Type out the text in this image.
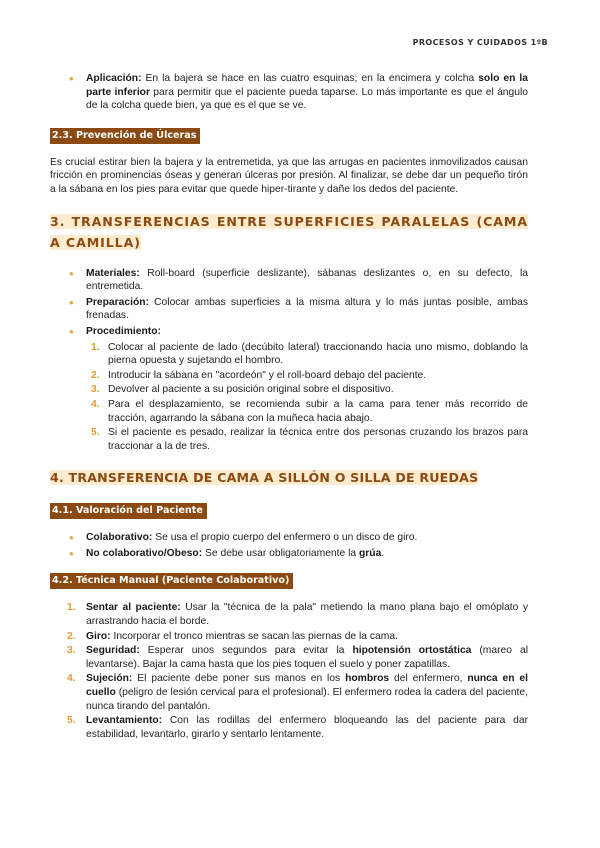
PROCESOS Y CUIDADOS 1ºB
● Aplicación: En la bajera se hace en las cuatro esquinas; en la encimera y colcha solo en la parte inferior para permitir que el paciente pueda taparse. Lo más importante es que el ángulo de la colcha quede bien, ya que es el que se ve.
2.3. Prevención de Úlceras

Es crucial estirar bien la bajera y la entremetida, ya que las arrugas en pacientes inmovilizados causan fricción en prominencias óseas y generan úlceras por presión. Al finalizar, se debe dar un pequeño tirón a la sábana en los pies para evitar que quede hiper-tirante y dañe los dedos del paciente.

3. TRANSFERENCIAS ENTRE SUPERFICIES PARALELAS (CAMA A CAMILLA)
● Materiales: Roll-board (superficie deslizante), sábanas deslizantes o, en su defecto, la entremetida.
● Preparación: Colocar ambas superficies a la misma altura y lo más juntas posible, ambas frenadas.
● Procedimiento:
1. Colocar al paciente de lado (decúbito lateral) traccionando hacia uno mismo, doblando la pierna opuesta y sujetando el hombro.
2. Introducir la sábana en "acordeón" y el roll-board debajo del paciente.
3. Devolver al paciente a su posición original sobre el dispositivo.
4. Para el desplazamiento, se recomienda subir a la cama para tener más recorrido de tracción, agarrando la sábana con la muñeca hacia abajo.
5. Si el paciente es pesado, realizar la técnica entre dos personas cruzando los brazos para traccionar a la de tres.
4. TRANSFERENCIA DE CAMA A SILLÓN O SILLA DE RUEDAS
4.1. Valoración del Paciente
● Colaborativo: Se usa el propio cuerpo del enfermero o un disco de giro.
● No colaborativo/Obeso: Se debe usar obligatoriamente la grúa.
4.2. Técnica Manual (Paciente Colaborativo)
1. Sentar al paciente: Usar la "técnica de la pala" metiendo la mano plana bajo el omóplato y arrastrando hacia el borde.
2. Giro: Incorporar el tronco mientras se sacan las piernas de la cama.
3. Seguridad: Esperar unos segundos para evitar la hipotensión ortostática (mareo al levantarse). Bajar la cama hasta que los pies toquen el suelo y poner zapatillas.
4. Sujeción: El paciente debe poner sus manos en los hombros del enfermero, nunca en el cuello (peligro de lesión cervical para el profesional). El enfermero rodea la cadera del paciente, nunca tirando del pantalón.
5. Levantamiento: Con las rodillas del enfermero bloqueando las del paciente para dar estabilidad, levantarlo, girarlo y sentarlo lentamente.
